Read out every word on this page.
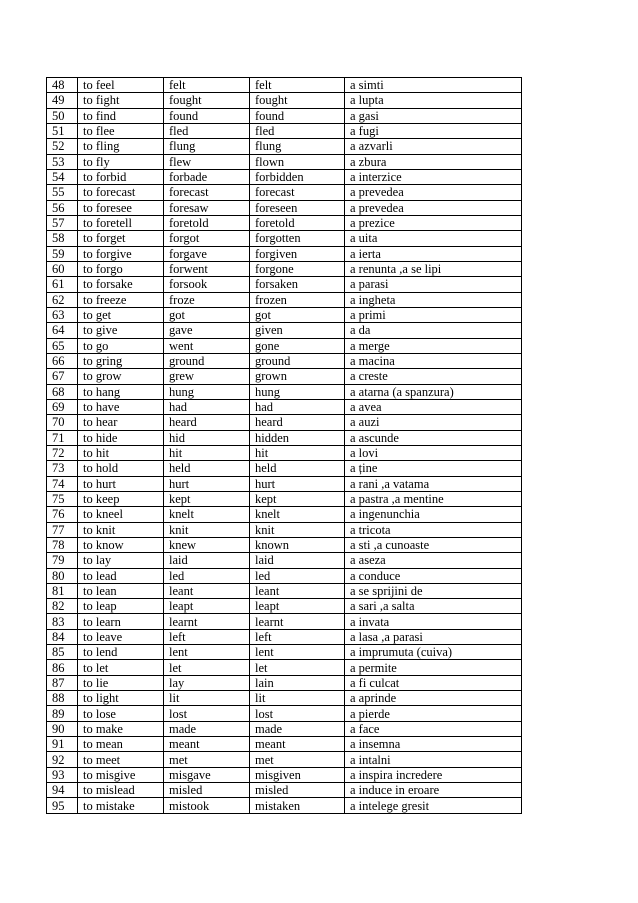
48	to feel	felt	felt	a simti
49	to fight	fought	fought	a lupta
50	to find	found	found	a gasi
51	to flee	fled	fled	a fugi
52	to fling	flung	flung	a azvarli
53	to fly	flew	flown	a zbura
54	to forbid	forbade	forbidden	a interzice
55	to forecast	forecast	forecast	a prevedea
56	to foresee	foresaw	foreseen	a prevedea
57	to foretell	foretold	foretold	a prezice
58	to forget	forgot	forgotten	a uita
59	to forgive	forgave	forgiven	a ierta
60	to forgo	forwent	forgone	a renunta ,a se lipi
61	to forsake	forsook	forsaken	a parasi
62	to freeze	froze	frozen	a ingheta
63	to get	got	got	a primi
64	to give	gave	given	a da
65	to go	went	gone	a merge
66	to gring	ground	ground	a macina
67	to grow	grew	grown	a creste
68	to hang	hung	hung	a atarna (a spanzura)
69	to have	had	had	a avea
70	to hear	heard	heard	a auzi
71	to hide	hid	hidden	a ascunde
72	to hit	hit	hit	a lovi
73	to hold	held	held	a ține
74	to hurt	hurt	hurt	a rani ,a vatama
75	to keep	kept	kept	a pastra ,a mentine
76	to kneel	knelt	knelt	a ingenunchia
77	to knit	knit	knit	a tricota
78	to know	knew	known	a sti ,a cunoaste
79	to lay	laid	laid	a aseza
80	to lead	led	led	a conduce
81	to lean	leant	leant	a se sprijini de
82	to leap	leapt	leapt	a sari ,a salta
83	to learn	learnt	learnt	a invata
84	to leave	left	left	a lasa ,a parasi
85	to lend	lent	lent	a imprumuta (cuiva)
86	to let	let	let	a permite
87	to lie	lay	lain	a fi culcat
88	to light	lit	lit	a aprinde
89	to lose	lost	lost	a pierde
90	to make	made	made	a face
91	to mean	meant	meant	a insemna
92	to meet	met	met	a intalni
93	to misgive	misgave	misgiven	a inspira incredere
94	to mislead	misled	misled	a induce in eroare
95	to mistake	mistook	mistaken	a intelege gresit
